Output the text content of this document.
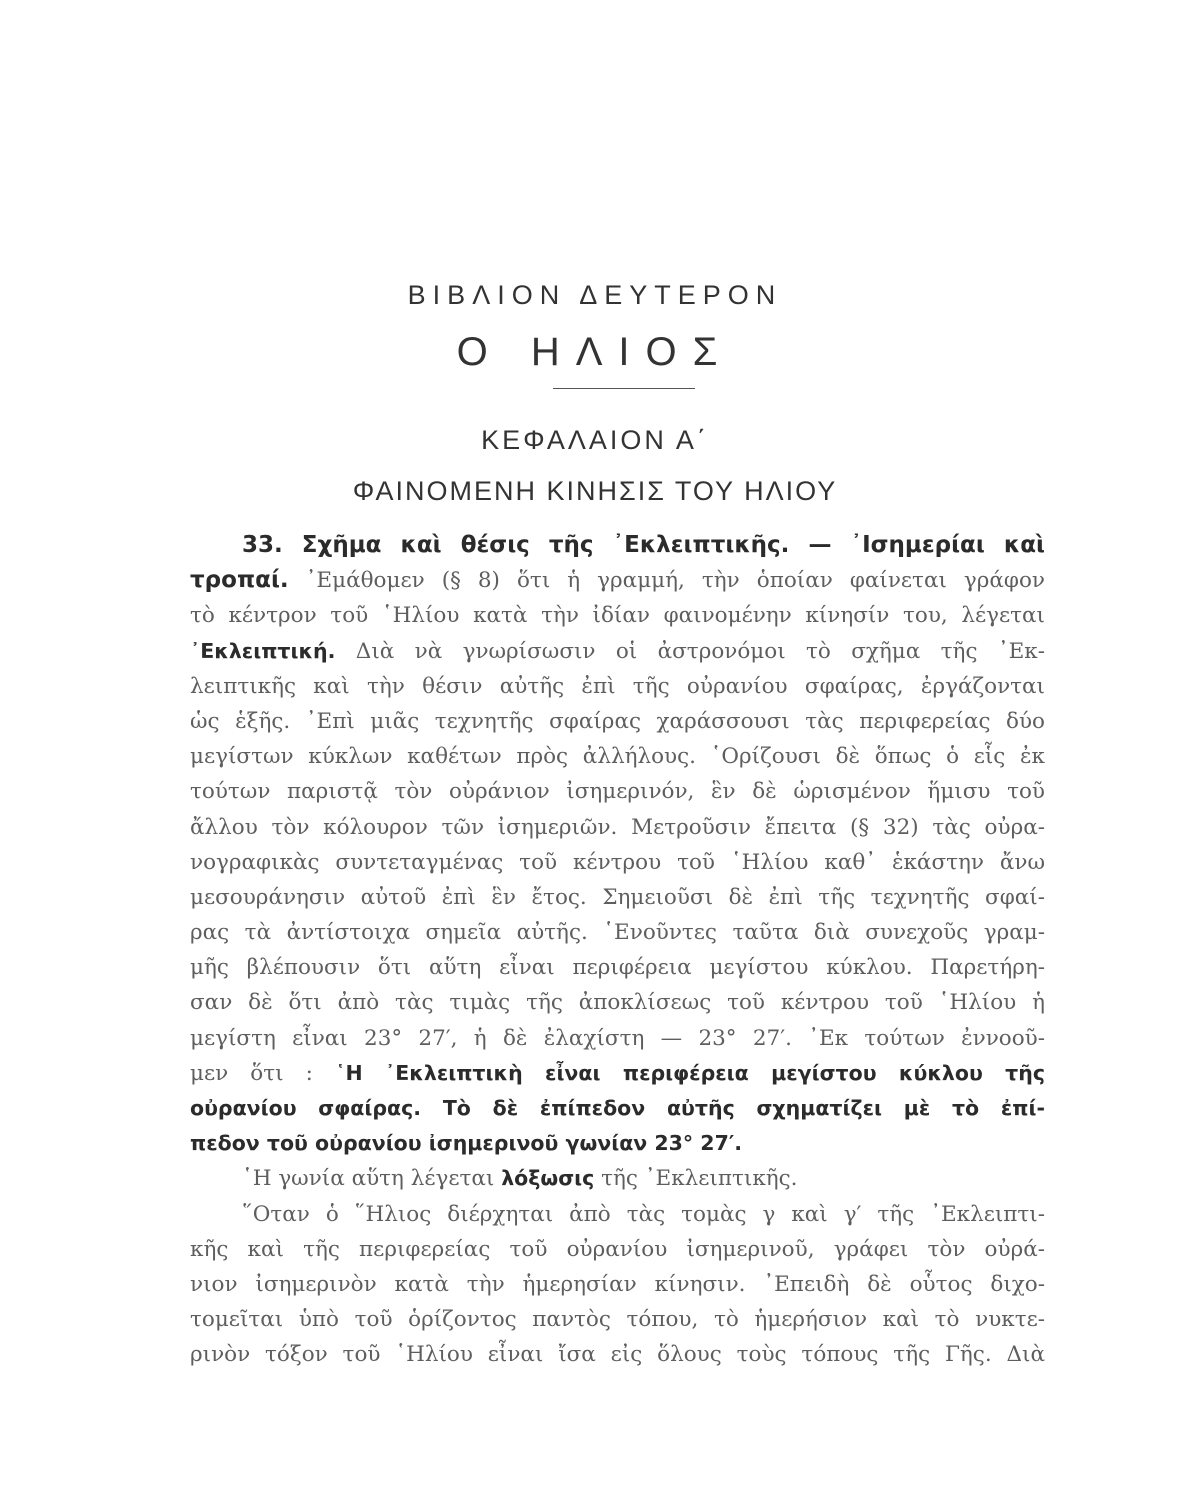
ΒΙΒΛΙΟΝ ΔΕΥΤΕΡΟΝ
Ο ΗΛΙΟΣ
ΚΕΦΑΛΑΙΟΝ Α΄
ΦΑΙΝΟΜΕΝΗ ΚΙΝΗΣΙΣ ΤΟΥ ΗΛΙΟΥ
33. Σχῆμα καὶ θέσις τῆς ᾿Εκλειπτικῆς. — ᾿Ισημερίαι καὶ
τροπαί. ᾿Εμάθομεν (§ 8) ὅτι ἡ γραμμή, τὴν ὁποίαν φαίνεται γράφον
τὸ κέντρον τοῦ ῾Ηλίου κατὰ τὴν ἰδίαν φαινομένην κίνησίν του, λέγεται
᾿Εκλειπτική. Διὰ νὰ γνωρίσωσιν οἱ ἀστρονόμοι τὸ σχῆμα τῆς ᾿Εκ-
λειπτικῆς καὶ τὴν θέσιν αὐτῆς ἐπὶ τῆς οὐρανίου σφαίρας, ἐργάζονται
ὡς ἑξῆς. ᾿Επὶ μιᾶς τεχνητῆς σφαίρας χαράσσουσι τὰς περιφερείας δύο
μεγίστων κύκλων καθέτων πρὸς ἀλλήλους. ῾Ορίζουσι δὲ ὅπως ὁ εἷς ἐκ
τούτων παριστᾷ τὸν οὐράνιον ἰσημερινόν, ἓν δὲ ὡρισμένον ἥμισυ τοῦ
ἄλλου τὸν κόλουρον τῶν ἰσημεριῶν. Μετροῦσιν ἔπειτα (§ 32) τὰς οὐρα-
νογραφικὰς συντεταγμένας τοῦ κέντρου τοῦ ῾Ηλίου καθ᾿ ἑκάστην ἄνω
μεσουράνησιν αὐτοῦ ἐπὶ ἓν ἔτος. Σημειοῦσι δὲ ἐπὶ τῆς τεχνητῆς σφαί-
ρας τὰ ἀντίστοιχα σημεῖα αὐτῆς. ῾Ενοῦντες ταῦτα διὰ συνεχοῦς γραμ-
μῆς βλέπουσιν ὅτι αὕτη εἶναι περιφέρεια μεγίστου κύκλου. Παρετήρη-
σαν δὲ ὅτι ἀπὸ τὰς τιμὰς τῆς ἀποκλίσεως τοῦ κέντρου τοῦ ῾Ηλίου ἡ
μεγίστη εἶναι 23° 27′, ἡ δὲ ἐλαχίστη — 23° 27′. ᾿Εκ τούτων ἐννοοῦ-
μεν ὅτι : ῾Η ᾿Εκλειπτικὴ εἶναι περιφέρεια μεγίστου κύκλου τῆς
οὐρανίου σφαίρας. Τὸ δὲ ἐπίπεδον αὐτῆς σχηματίζει μὲ τὸ ἐπί-
πεδον τοῦ οὐρανίου ἰσημερινοῦ γωνίαν 23° 27′.
῾Η γωνία αὕτη λέγεται λόξωσις τῆς ᾿Εκλειπτικῆς.
῞Οταν ὁ ῞Ηλιος διέρχηται ἀπὸ τὰς τομὰς γ καὶ γ′ τῆς ᾿Εκλειπτι-
κῆς καὶ τῆς περιφερείας τοῦ οὐρανίου ἰσημερινοῦ, γράφει τὸν οὐρά-
νιον ἰσημερινὸν κατὰ τὴν ἡμερησίαν κίνησιν. ᾿Επειδὴ δὲ οὗτος διχο-
τομεῖται ὑπὸ τοῦ ὁρίζοντος παντὸς τόπου, τὸ ἡμερήσιον καὶ τὸ νυκτε-
ρινὸν τόξον τοῦ ῾Ηλίου εἶναι ἴσα εἰς ὅλους τοὺς τόπους τῆς Γῆς. Διὰ
